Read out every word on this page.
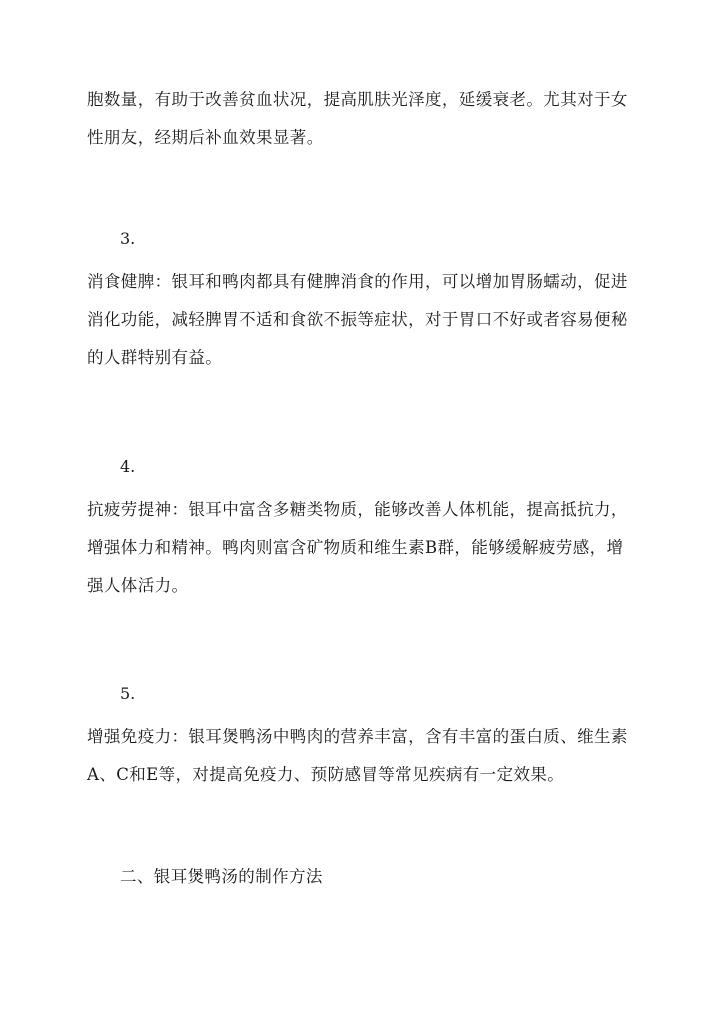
胞数量，有助于改善贫血状况，提高肌肤光泽度，延缓衰老。尤其对于女
性朋友，经期后补血效果显著。

3.

消食健脾：银耳和鸭肉都具有健脾消食的作用，可以增加胃肠蠕动，促进
消化功能，减轻脾胃不适和食欲不振等症状，对于胃口不好或者容易便秘
的人群特别有益。

4.

抗疲劳提神：银耳中富含多糖类物质，能够改善人体机能，提高抵抗力，
增强体力和精神。鸭肉则富含矿物质和维生素B群，能够缓解疲劳感，增
强人体活力。

5.

增强免疫力：银耳煲鸭汤中鸭肉的营养丰富，含有丰富的蛋白质、维生素
A、C和E等，对提高免疫力、预防感冒等常见疾病有一定效果。

二、银耳煲鸭汤的制作方法
